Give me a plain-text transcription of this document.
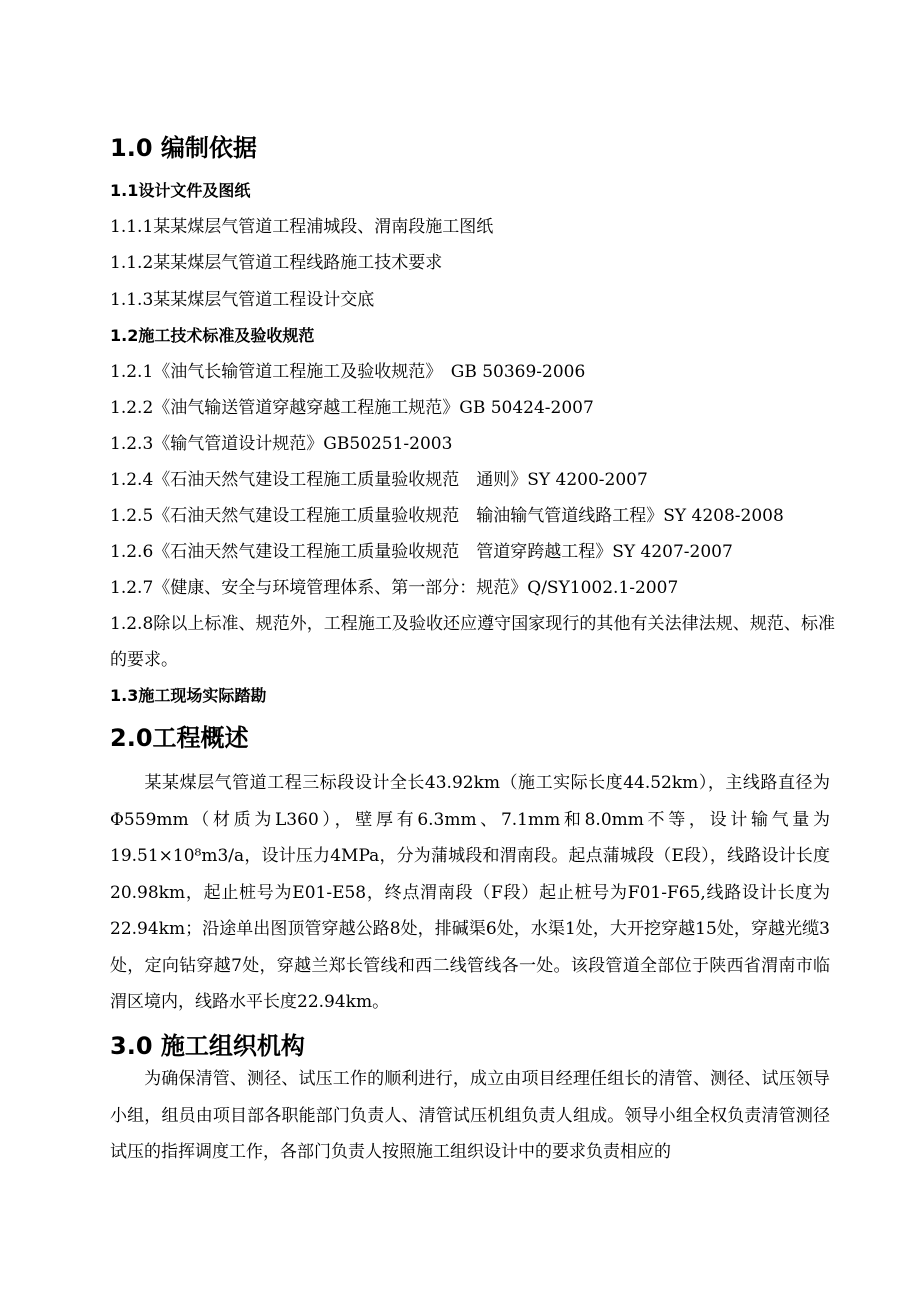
1.0 编制依据
1.1设计文件及图纸
1.1.1某某煤层气管道工程浦城段、渭南段施工图纸
1.1.2某某煤层气管道工程线路施工技术要求
1.1.3某某煤层气管道工程设计交底
1.2施工技术标准及验收规范
1.2.1《油气长输管道工程施工及验收规范》　GB 50369-2006
1.2.2《油气输送管道穿越穿越工程施工规范》GB 50424-2007
1.2.3《输气管道设计规范》GB50251-2003
1.2.4《石油天然气建设工程施工质量验收规范　通则》SY 4200-2007
1.2.5《石油天然气建设工程施工质量验收规范　输油输气管道线路工程》SY 4208-2008
1.2.6《石油天然气建设工程施工质量验收规范　管道穿跨越工程》SY 4207-2007
1.2.7《健康、安全与环境管理体系、第一部分：规范》Q/SY1002.1-2007
1.2.8除以上标准、规范外，工程施工及验收还应遵守国家现行的其他有关法律法规、规范、标准的要求。
1.3施工现场实际踏勘
2.0工程概述
某某煤层气管道工程三标段设计全长43.92km（施工实际长度44.52km），主线路直径为Φ559mm（材质为L360），壁厚有6.3mm、7.1mm和8.0mm不等，设计输气量为19.51×10⁸m3/a，设计压力4MPa，分为蒲城段和渭南段。起点蒲城段（E段），线路设计长度20.98km，起止桩号为E01-E58，终点渭南段（F段）起止桩号为F01-F65,线路设计长度为22.94km；沿途单出图顶管穿越公路8处，排碱渠6处，水渠1处，大开挖穿越15处，穿越光缆3处，定向钻穿越7处，穿越兰郑长管线和西二线管线各一处。该段管道全部位于陕西省渭南市临渭区境内，线路水平长度22.94km。
3.0 施工组织机构
为确保清管、测径、试压工作的顺利进行，成立由项目经理任组长的清管、测径、试压领导小组，组员由项目部各职能部门负责人、清管试压机组负责人组成。领导小组全权负责清管测径试压的指挥调度工作，各部门负责人按照施工组织设计中的要求负责相应的
